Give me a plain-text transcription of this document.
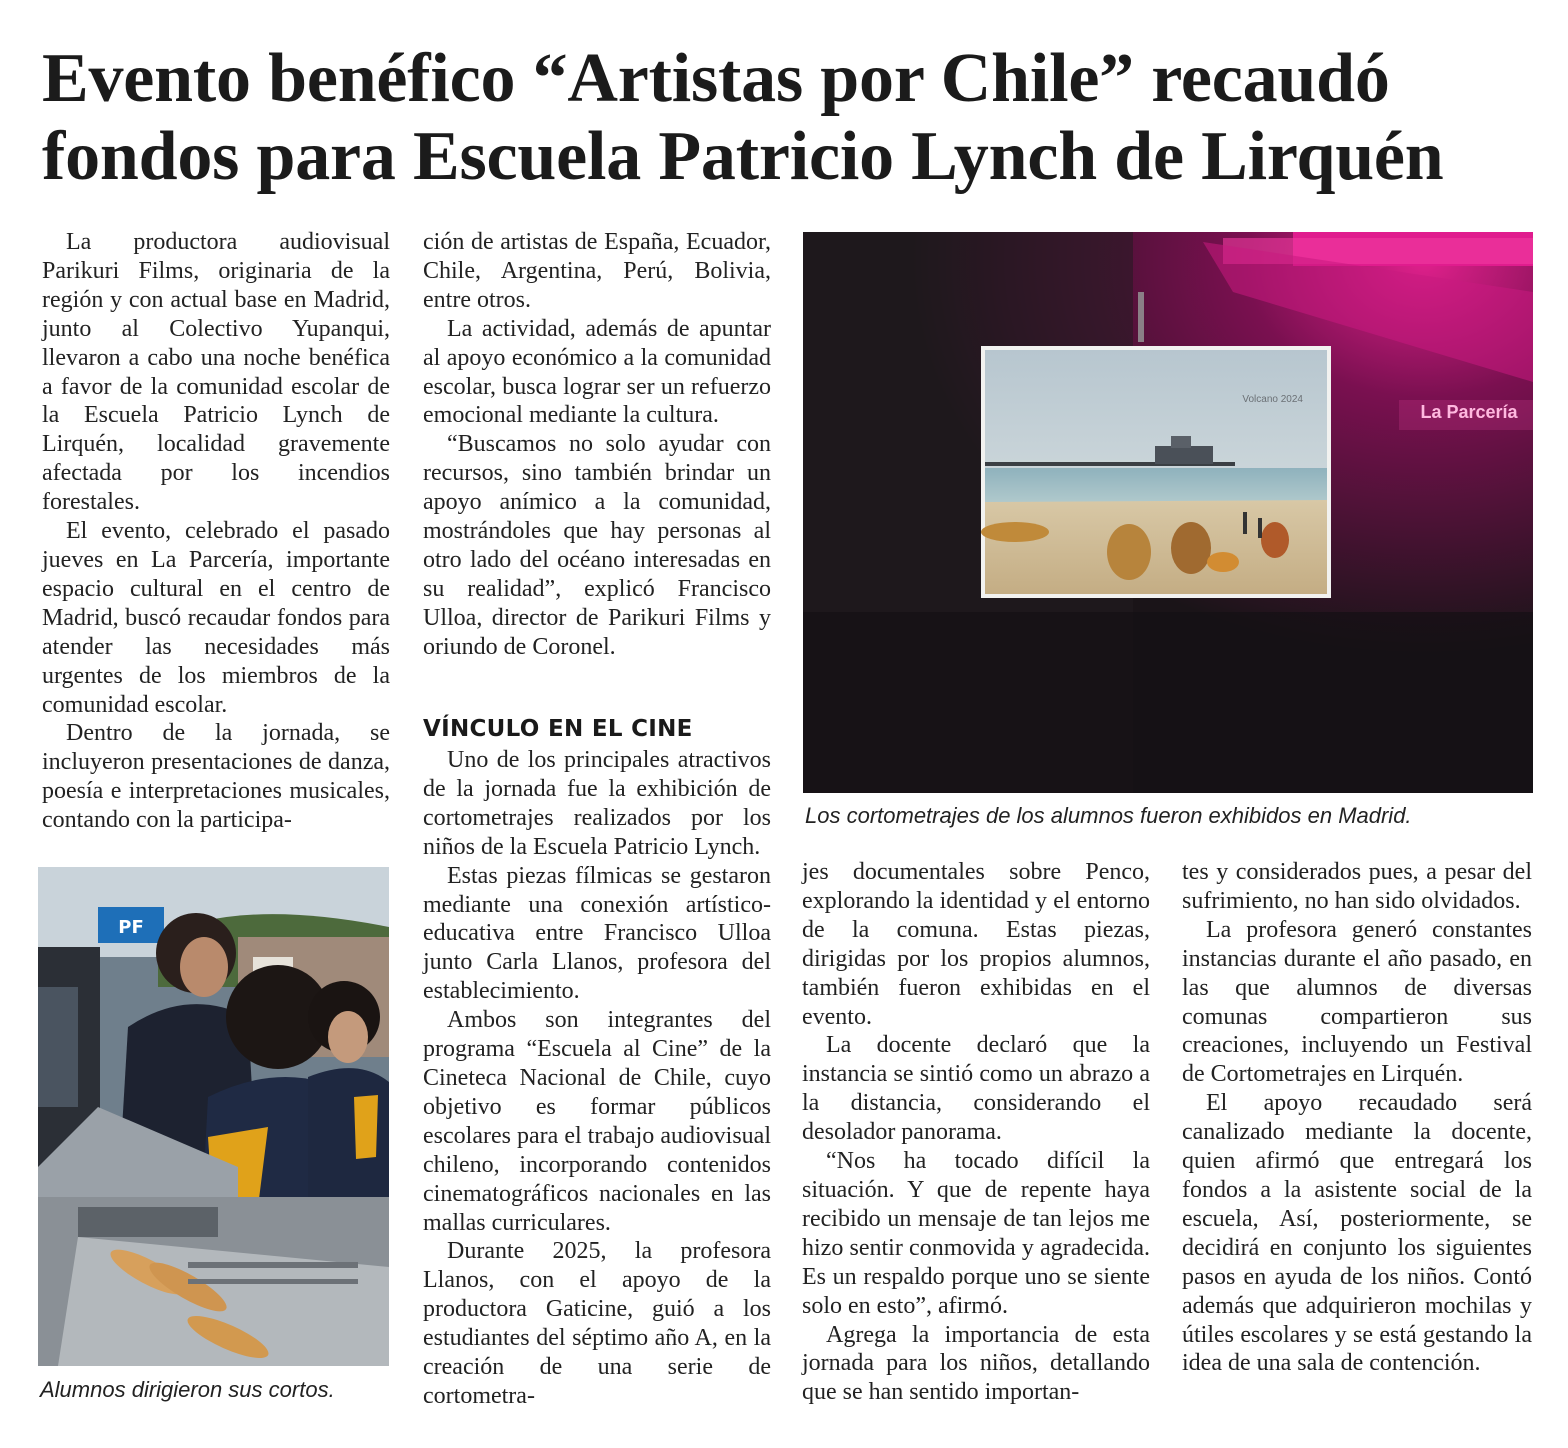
Evento benéfico “Artistas por Chile” recaudó
fondos para Escuela Patricio Lynch de Lirquén

La productora audiovisual Parikuri Films, originaria de la región y con actual base en Madrid, junto al Colectivo Yupanqui, llevaron a cabo una noche benéfica a favor de la comunidad escolar de la Escuela Patricio Lynch de Lirquén, localidad gravemente afectada por los incendios forestales.

El evento, celebrado el pasado jueves en La Parcería, importante espacio cultural en el centro de Madrid, buscó recaudar fondos para atender las necesidades más urgentes de los miembros de la comunidad escolar.

Dentro de la jornada, se incluyeron presentaciones de danza, poesía e interpretaciones musicales, contando con la participa-

ción de artistas de España, Ecuador, Chile, Argentina, Perú, Bolivia, entre otros.

La actividad, además de apuntar al apoyo económico a la comunidad escolar, busca lograr ser un refuerzo emocional mediante la cultura.

“Buscamos no solo ayudar con recursos, sino también brindar un apoyo anímico a la comunidad, mostrándoles que hay personas al otro lado del océano interesadas en su realidad”, explicó Francisco Ulloa, director de Parikuri Films y oriundo de Coronel.

VÍNCULO EN EL CINE

Uno de los principales atractivos de la jornada fue la exhibición de cortometrajes realizados por los niños de la Escuela Patricio Lynch.

Estas piezas fílmicas se gestaron mediante una conexión artístico-educativa entre Francisco Ulloa junto Carla Llanos, profesora del establecimiento.

Ambos son integrantes del programa “Escuela al Cine” de la Cineteca Nacional de Chile, cuyo objetivo es formar públicos escolares para el trabajo audiovisual chileno, incorporando contenidos cinematográficos nacionales en las mallas curriculares.

Durante 2025, la profesora Llanos, con el apoyo de la productora Gaticine, guió a los estudiantes del séptimo año A, en la creación de una serie de cortometra-

jes documentales sobre Penco, explorando la identidad y el entorno de la comuna. Estas piezas, dirigidas por los propios alumnos, también fueron exhibidas en el evento.

La docente declaró que la instancia se sintió como un abrazo a la distancia, considerando el desolador panorama.

“Nos ha tocado difícil la situación. Y que de repente haya recibido un mensaje de tan lejos me hizo sentir conmovida y agradecida. Es un respaldo porque uno se siente solo en esto”, afirmó.

Agrega la importancia de esta jornada para los niños, detallando que se han sentido importan-

tes y considerados pues, a pesar del sufrimiento, no han sido olvidados.

La profesora generó constantes instancias durante el año pasado, en las que alumnos de diversas comunas compartieron sus creaciones, incluyendo un Festival de Cortometrajes en Lirquén.

El apoyo recaudado será canalizado mediante la docente, quien afirmó que entregará los fondos a la asistente social de la escuela, Así, posteriormente, se decidirá en conjunto los siguientes pasos en ayuda de los niños. Contó además que adquirieron mochilas y útiles escolares y se está gestando la idea de una sala de contención.

Volcano 2024
La Parcería
Los cortometrajes de los alumnos fueron exhibidos en Madrid.
PF
Alumnos dirigieron sus cortos.
